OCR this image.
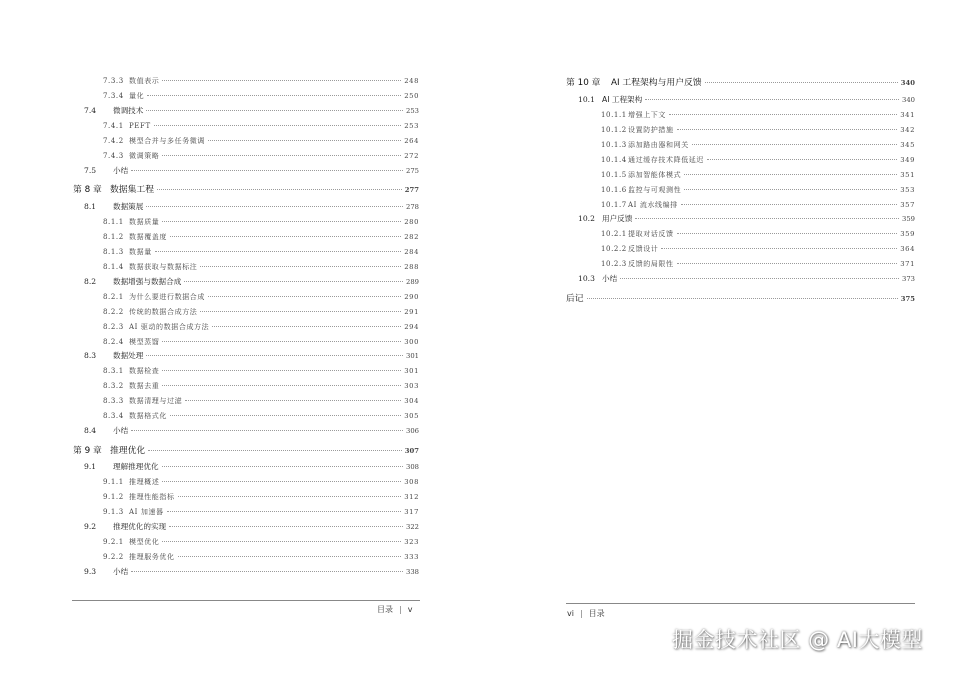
7.3.3 数值表示	248
7.3.4 量化	250
7.4	微调技术	253
7.4.1 PEFT	253
7.4.2 模型合并与多任务微调	264
7.4.3 微调策略	272
7.5	小结	275
第 8 章 数据集工程	277
8.1	数据策展	278
8.1.1 数据质量	280
8.1.2 数据覆盖度	282
8.1.3 数据量	284
8.1.4 数据获取与数据标注	288
8.2	数据增强与数据合成	289
8.2.1 为什么要进行数据合成	290
8.2.2 传统的数据合成方法	291
8.2.3 AI 驱动的数据合成方法	294
8.2.4 模型蒸馏	300
8.3	数据处理	301
8.3.1 数据检查	301
8.3.2 数据去重	303
8.3.3 数据清理与过滤	304
8.3.4 数据格式化	305
8.4	小结	306
第 9 章 推理优化	307
9.1	理解推理优化	308
9.1.1 推理概述	308
9.1.2 推理性能指标	312
9.1.3 AI 加速器	317
9.2	推理优化的实现	322
9.2.1 模型优化	323
9.2.2 推理服务优化	333
9.3	小结	338
目录 | v
第 10 章	AI 工程架构与用户反馈	340
10.1 AI 工程架构	340
10.1.1 增强上下文	341
10.1.2 设置防护措施	342
10.1.3 添加路由器和网关	345
10.1.4 通过缓存技术降低延迟	349
10.1.5 添加智能体模式	351
10.1.6 监控与可观测性	353
10.1.7 AI 流水线编排	357
10.2 用户反馈	359
10.2.1 提取对话反馈	359
10.2.2 反馈设计	364
10.2.3 反馈的局限性	371
10.3 小结	373
后记	375
vi | 目录
掘金技术社区 @ AI大模型
